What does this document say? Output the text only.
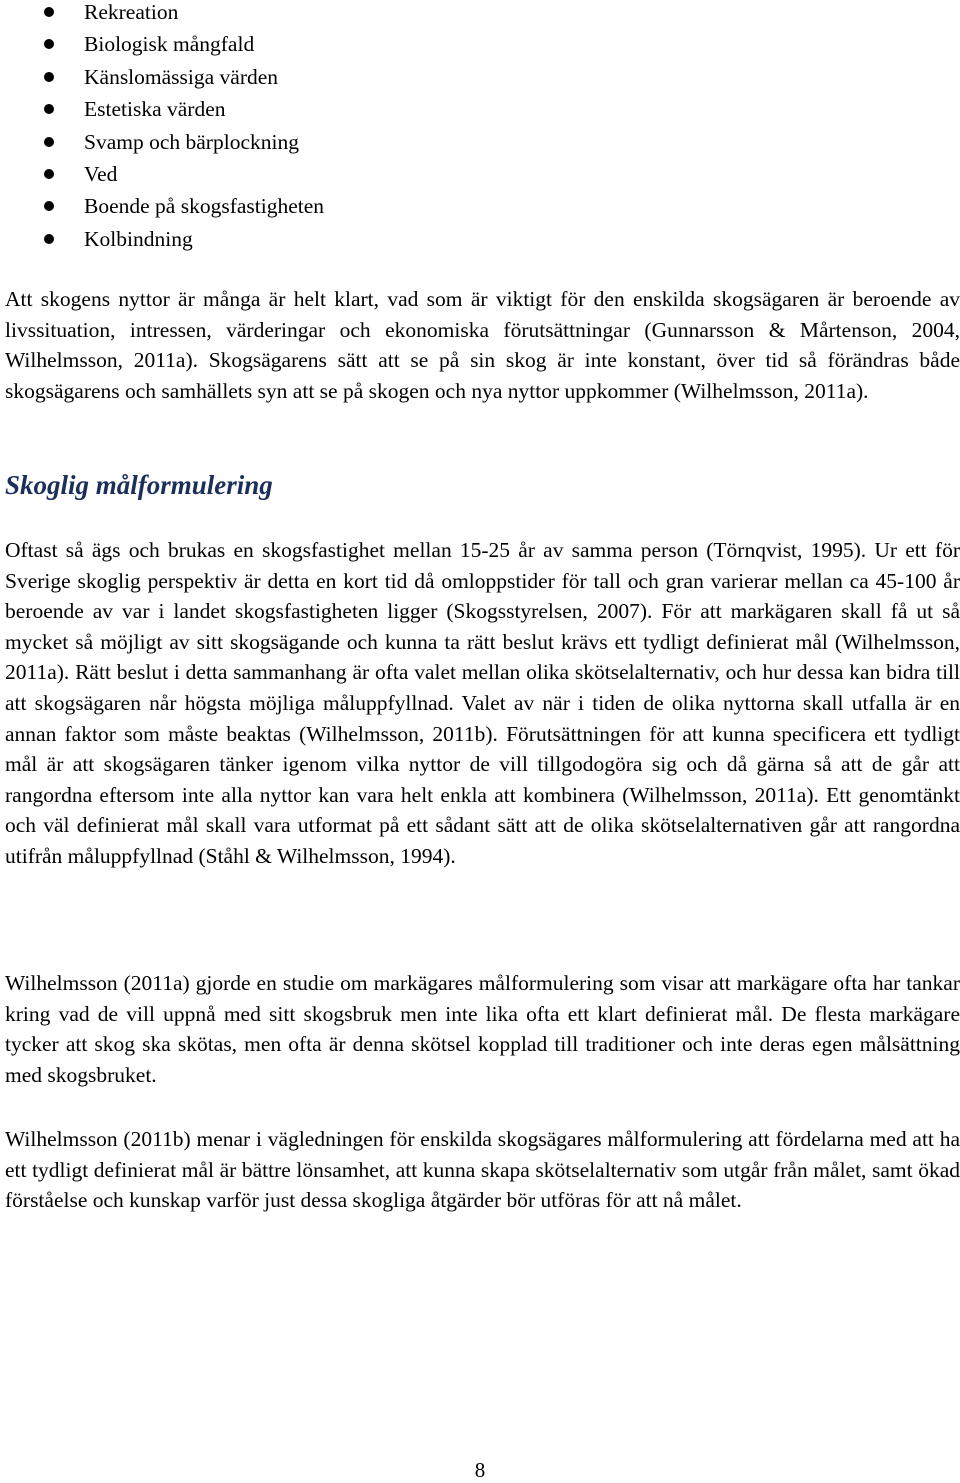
Rekreation
Biologisk mångfald
Känslomässiga värden
Estetiska värden
Svamp och bärplockning
Ved
Boende på skogsfastigheten
Kolbindning

Att skogens nyttor är många är helt klart, vad som är viktigt för den enskilda skogsägaren är beroende av livssituation, intressen, värderingar och ekonomiska förutsättningar (Gunnarsson & Mårtenson, 2004, Wilhelmsson, 2011a). Skogsägarens sätt att se på sin skog är inte konstant, över tid så förändras både skogsägarens och samhällets syn att se på skogen och nya nyttor uppkommer (Wilhelmsson, 2011a).

Skoglig målformulering

Oftast så ägs och brukas en skogsfastighet mellan 15-25 år av samma person (Törnqvist, 1995). Ur ett för Sverige skoglig perspektiv är detta en kort tid då omloppstider för tall och gran varierar mellan ca 45-100 år beroende av var i landet skogsfastigheten ligger (Skogsstyrelsen, 2007). För att markägaren skall få ut så mycket så möjligt av sitt skogsägande och kunna ta rätt beslut krävs ett tydligt definierat mål (Wilhelmsson, 2011a). Rätt beslut i detta sammanhang är ofta valet mellan olika skötselalternativ, och hur dessa kan bidra till att skogsägaren når högsta möjliga måluppfyllnad. Valet av när i tiden de olika nyttorna skall utfalla är en annan faktor som måste beaktas (Wilhelmsson, 2011b). Förutsättningen för att kunna specificera ett tydligt mål är att skogsägaren tänker igenom vilka nyttor de vill tillgodogöra sig och då gärna så att de går att rangordna eftersom inte alla nyttor kan vara helt enkla att kombinera (Wilhelmsson, 2011a). Ett genomtänkt och väl definierat mål skall vara utformat på ett sådant sätt att de olika skötselalternativen går att rangordna utifrån måluppfyllnad (Ståhl & Wilhelmsson, 1994).

Wilhelmsson (2011a) gjorde en studie om markägares målformulering som visar att markägare ofta har tankar kring vad de vill uppnå med sitt skogsbruk men inte lika ofta ett klart definierat mål. De flesta markägare tycker att skog ska skötas, men ofta är denna skötsel kopplad till traditioner och inte deras egen målsättning med skogsbruket.

Wilhelmsson (2011b) menar i vägledningen för enskilda skogsägares målformulering att fördelarna med att ha ett tydligt definierat mål är bättre lönsamhet, att kunna skapa skötselalternativ som utgår från målet, samt ökad förståelse och kunskap varför just dessa skogliga åtgärder bör utföras för att nå målet.

8
